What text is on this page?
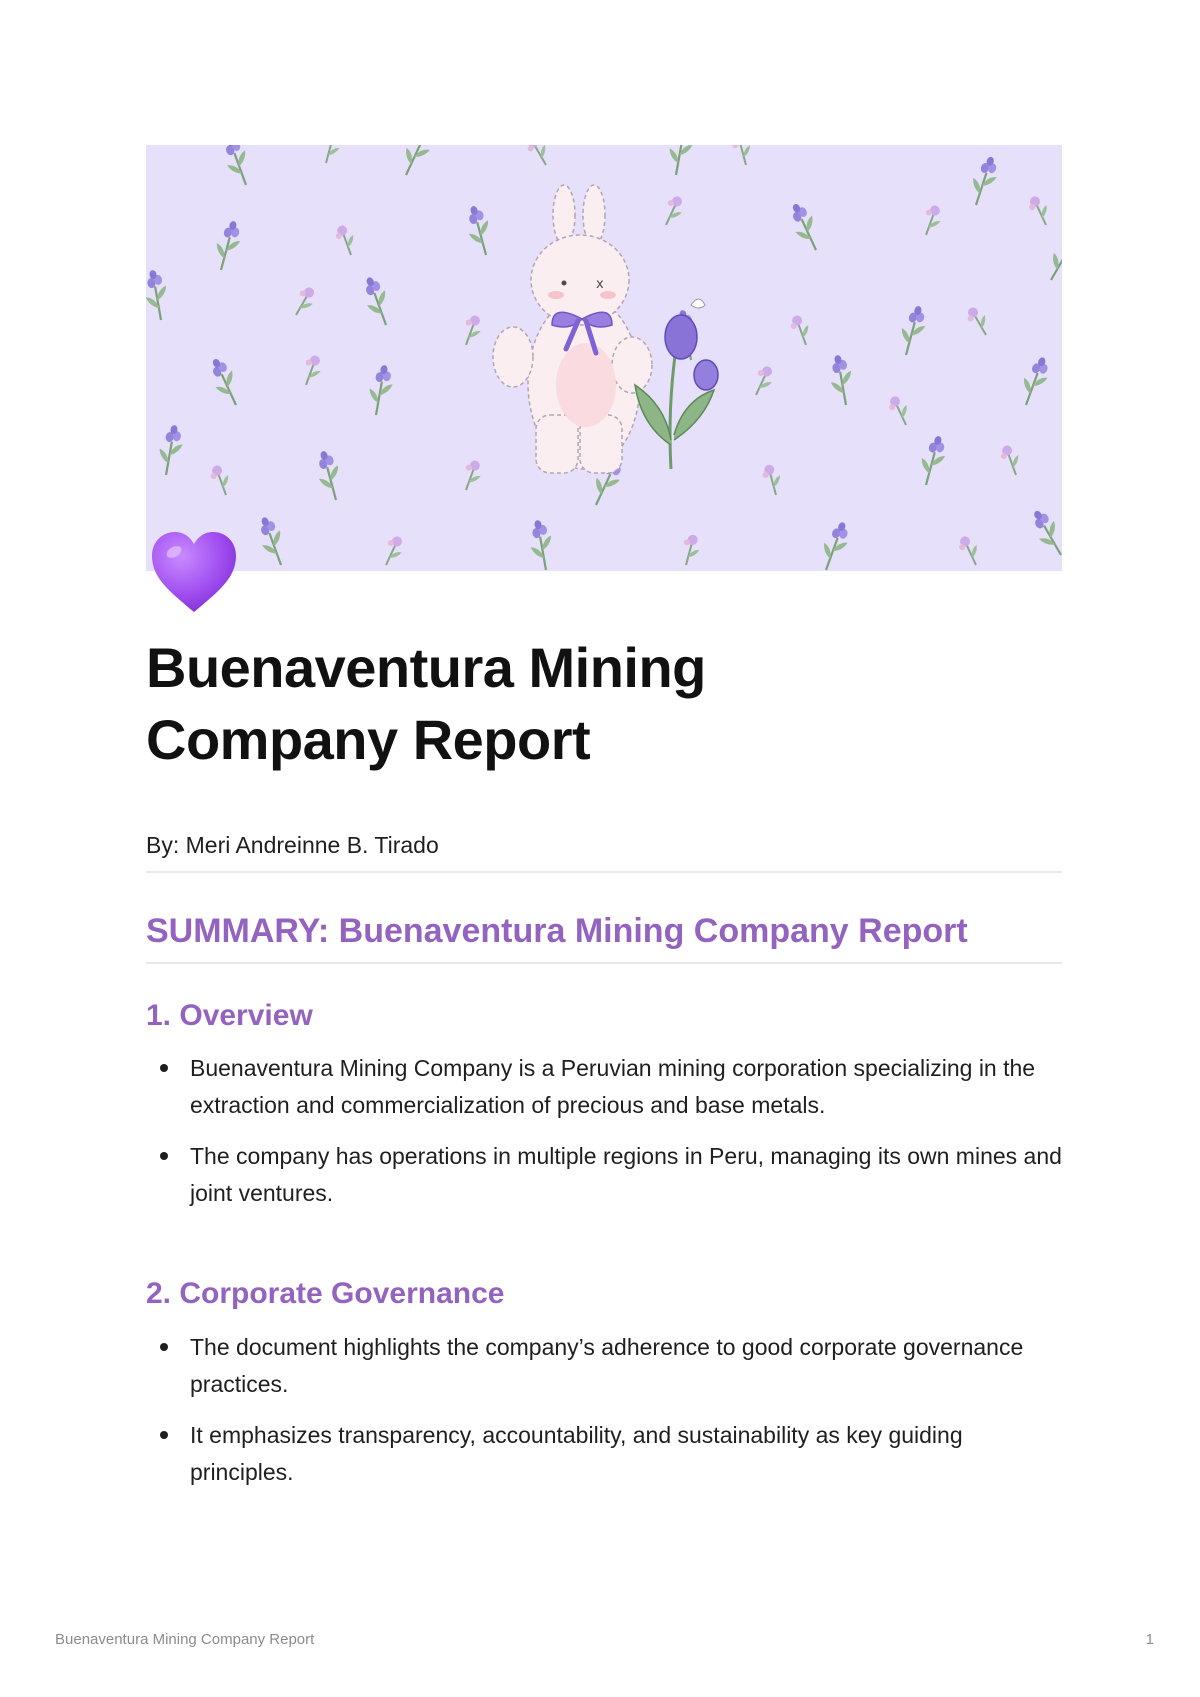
x
Buenaventura Mining
Company Report
By: Meri Andreinne B. Tirado
SUMMARY: Buenaventura Mining Company Report
1. Overview
Buenaventura Mining Company is a Peruvian mining corporation specializing in the extraction and commercialization of precious and base metals.
The company has operations in multiple regions in Peru, managing its own mines and joint ventures.
2. Corporate Governance
The document highlights the company’s adherence to good corporate governance practices.
It emphasizes transparency, accountability, and sustainability as key guiding principles.
Buenaventura Mining Company Report	1
